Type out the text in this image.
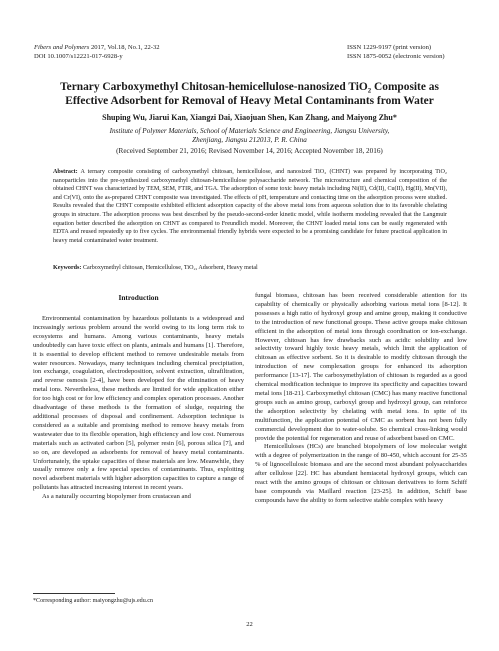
Fibers and Polymers 2017, Vol.18, No.1, 22-32
DOI 10.1007/s12221-017-6928-y
ISSN 1229-9197 (print version)
ISSN 1875-0052 (electronic version)
Ternary Carboxymethyl Chitosan-hemicellulose-nanosized TiO₂ Composite as
Effective Adsorbent for Removal of Heavy Metal Contaminants from Water
Shuping Wu, Jiarui Kan, Xiangzi Dai, Xiaojuan Shen, Kan Zhang, and Maiyong Zhu*
Institute of Polymer Materials, School of Materials Science and Engineering, Jiangsu University,
Zhenjiang, Jiangsu 212013, P. R. China
(Received September 21, 2016; Revised November 14, 2016; Accepted November 18, 2016)
Abstract: A ternary composite consisting of carboxymethyl chitosan, hemicellulose, and nanosized TiO₂ (CHNT) was prepared by incorporating TiO₂ nanoparticles into the pre-synthesized carboxymethyl chitosan-hemicellulose polysaccharide network. The microstructure and chemical composition of the obtained CHNT was characterized by TEM, SEM, FTIR, and TGA. The adsorption of some toxic heavy metals including Ni(II), Cd(II), Cu(II), Hg(II), Mn(VII), and Cr(VI), onto the as-prepared CHNT composite was investigated. The effects of pH, temperature and contacting time on the adsorption process were studied. Results revealed that the CHNT composite exhibited efficient adsorption capacity of the above metal ions from aqueous solution due to its favorable chelating groups in structure. The adsorption process was best described by the pseudo-second-order kinetic model, while isotherm modeling revealed that the Langmuir equation better described the adsorption on CHNT as compared to Freundlich model. Moreover, the CHNT loaded metal ions can be easily regenerated with EDTA and reused repeatedly up to five cycles. The environmental friendly hybrids were expected to be a promising candidate for future practical application in heavy metal contaminated water treatment.
Keywords: Carboxymethyl chitosan, Hemicellulose, TiO₂, Adsorbent, Heavy metal
Introduction

Environmental contamination by hazardous pollutants is a widespread and increasingly serious problem around the world owing to its long term risk to ecosystems and humans. Among various contaminants, heavy metals undoubtedly can have toxic effect on plants, animals and humans [1]. Therefore, it is essential to develop efficient method to remove undesirable metals from water resources. Nowadays, many techniques including chemical precipitation, ion exchange, coagulation, electrodeposition, solvent extraction, ultrafiltration, and reverse osmosis [2-4], have been developed for the elimination of heavy metal ions. Nevertheless, these methods are limited for wide application either for too high cost or for low efficiency and complex operation processes. Another disadvantage of these methods is the formation of sludge, requiring the additional processes of disposal and confinement. Adsorption technique is considered as a suitable and promising method to remove heavy metals from wastewater due to its flexible operation, high efficiency and low cost. Numerous materials such as activated carbon [5], polymer resin [6], porous silica [7], and so on, are developed as adsorbents for removal of heavy metal contaminants. Unfortunately, the uptake capacities of these materials are low. Meanwhile, they usually remove only a few special species of contaminants. Thus, exploiting novel adsorbent materials with higher adsorption capacities to capture a range of pollutants has attracted increasing interest in recent years.

As a naturally occurring biopolymer from crustacean and

fungal biomass, chitosan has been received considerable attention for its capability of chemically or physically adsorbing various metal ions [8-12]. It possesses a high ratio of hydroxyl group and amine group, making it conductive to the introduction of new functional groups. These active groups make chitosan efficient in the adsorption of metal ions through coordination or ion-exchange. However, chitosan has few drawbacks such as acidic solubility and low selectivity toward highly toxic heavy metals, which limit the application of chitosan as effective sorbent. So it is desirable to modify chitosan through the introduction of new complexation groups for enhanced its adsorption performance [13-17]. The carboxymethylation of chitosan is regarded as a good chemical modification technique to improve its specificity and capacities toward metal ions [18-21]. Carboxymethyl chitosan (CMC) has many reactive functional groups such as amino group, carboxyl group and hydroxyl group, can reinforce the adsorption selectivity by chelating with metal ions. In spite of its multifunction, the application potential of CMC as sorbent has not been fully commercial development due to water-solube. So chemical cross-linking would provide the potential for regeneration and reuse of adsorbent based on CMC.

Hemicelluloses (HCs) are branched biopolymers of low molecular weight with a degree of polymerization in the range of 80-450, which account for 25-35 % of lignocellulosic biomass and are the second most abundant polysaccharides after cellulose [22]. HC has abundant hemiacetal hydroxyl groups, which can react with the amino groups of chitosan or chitosan derivatives to form Schiff base compounds via Maillard reaction [23-25]. In addition, Schiff base compounds have the ability to form selective stable complex with heavy

*Corresponding author: maiyongzhu@ujs.edu.cn
22
